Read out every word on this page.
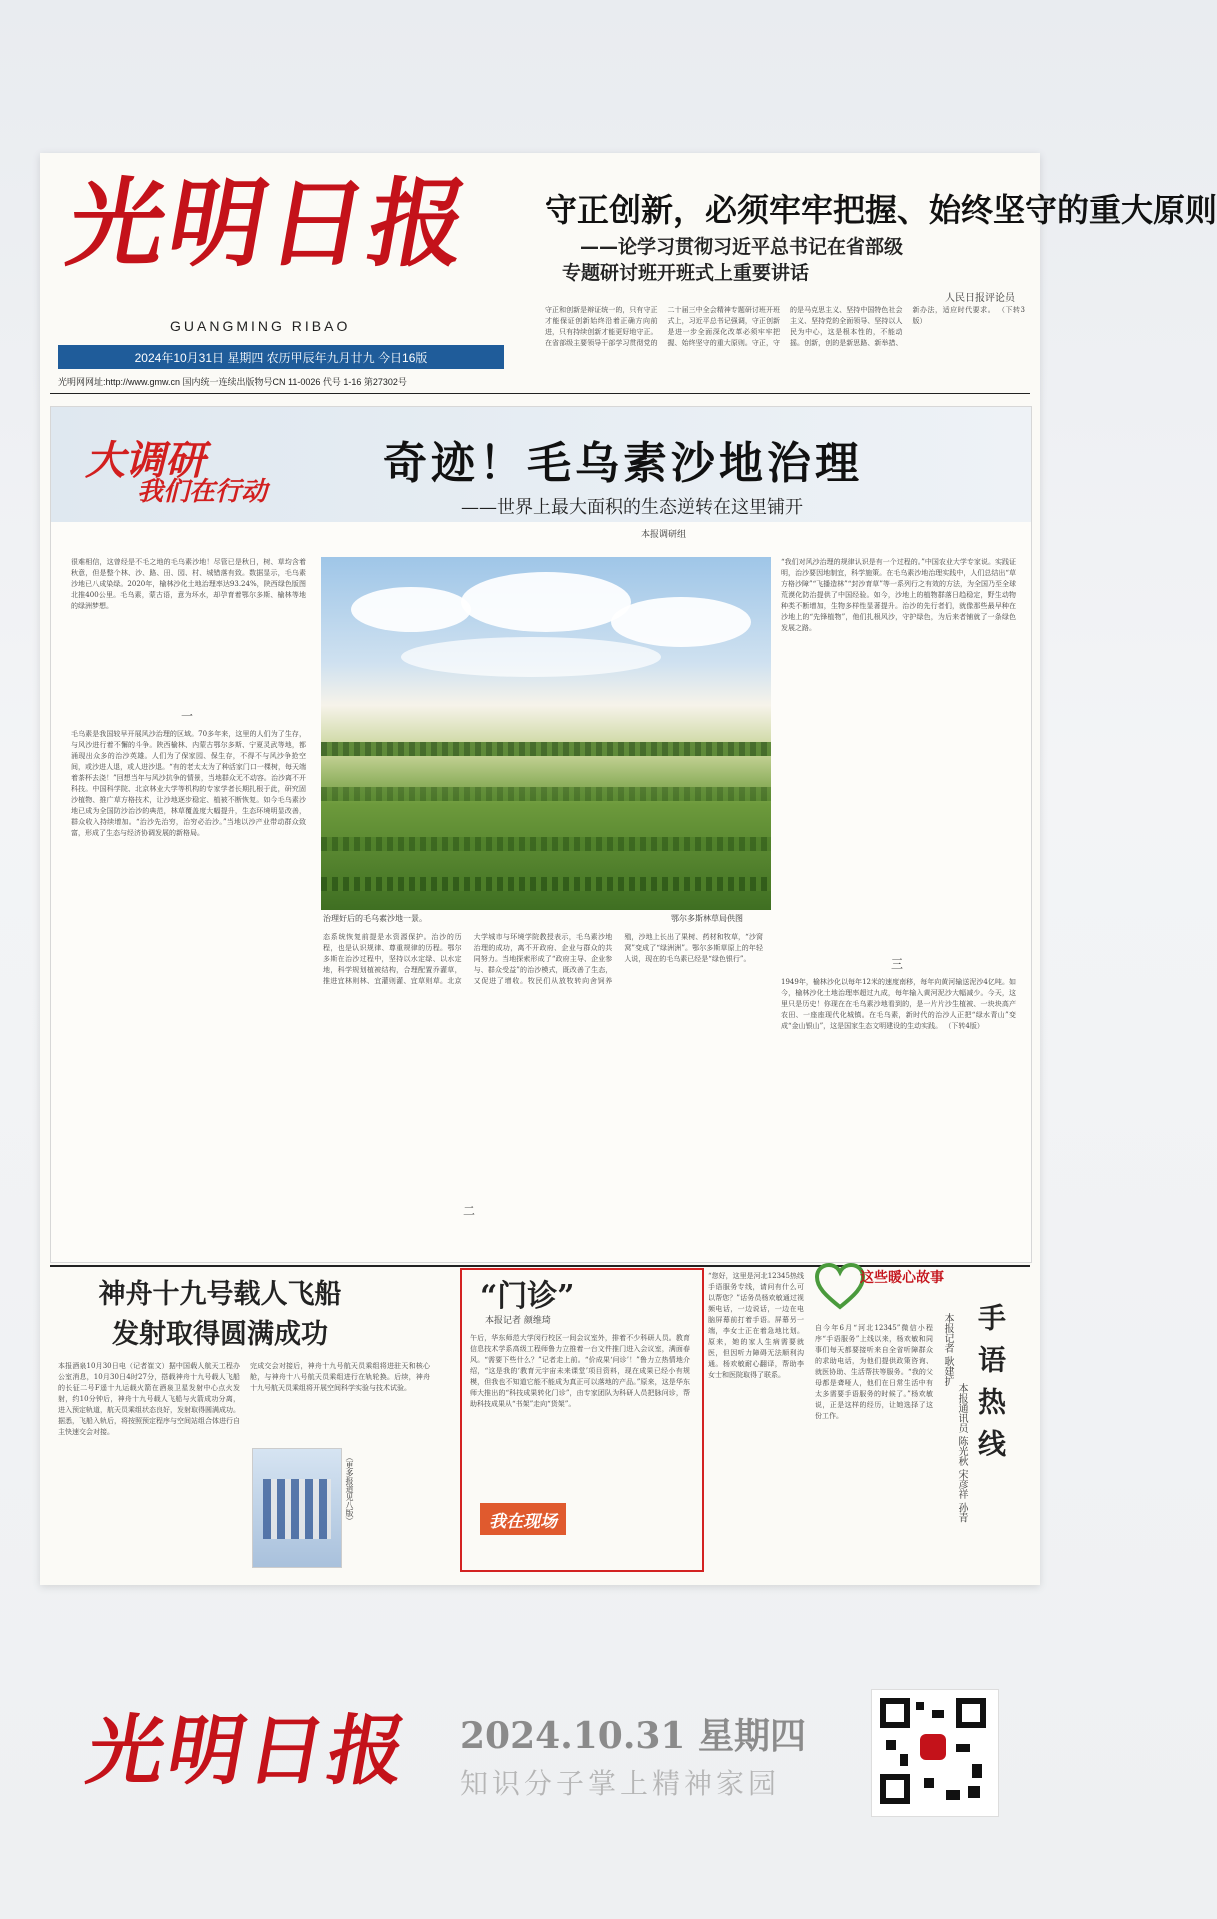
光明日报
GUANGMING RIBAO
2024年10月31日 星期四 农历甲辰年九月廿九 今日16版
光明网网址:http://www.gmw.cn 国内统一连续出版物号CN 11-0026 代号 1-16 第27302号
守正创新，必须牢牢把握、始终坚守的重大原则
——论学习贯彻习近平总书记在省部级
专题研讨班开班式上重要讲话
人民日报评论员
守正和创新是辩证统一的，只有守正才能保证创新始终沿着正确方向前进，只有持续创新才能更好地守正。在省部级主要领导干部学习贯彻党的二十届三中全会精神专题研讨班开班式上，习近平总书记强调，守正创新是进一步全面深化改革必须牢牢把握、始终坚守的重大原则。守正，守的是马克思主义、坚持中国特色社会主义、坚持党的全面领导、坚持以人民为中心，这是根本性的，不能动摇。创新，创的是新思路、新举措、新办法，适应时代要求。 （下转3版）
大调研
我们在行动
奇迹！毛乌素沙地治理
——世界上最大面积的生态逆转在这里铺开
本报调研组
很难相信，这曾经是不毛之地的毛乌素沙地！尽管已是秋日，树、草均含着秋意，但是整个林、沙、路、田、园、村、城错落有致。数据显示，毛乌素沙地已八成染绿。2020年，榆林沙化土地治理率达93.24%，陕西绿色版图北推400公里。毛乌素，蒙古语，意为坏水，却孕育着鄂尔多斯、榆林等地的绿洲梦想。
一
毛乌素是我国较早开展风沙治理的区域。70多年来，这里的人们为了生存，与风沙进行着不懈的斗争。陕西榆林、内蒙古鄂尔多斯、宁夏灵武等地，都涌现出众多的治沙英雄。人们为了保家园、保生存，不得不与风沙争抢空间，或沙进人退，或人进沙退。“有的老太太为了种活家门口一棵树，每天端着茶杯去浇！”回想当年与风沙抗争的情景，当地群众无不动容。治沙离不开科技。中国科学院、北京林业大学等机构的专家学者长期扎根于此，研究固沙植物、推广草方格技术，让沙地逐步稳定、植被不断恢复。如今毛乌素沙地已成为全国防沙治沙的典范，林草覆盖度大幅提升，生态环境明显改善，群众收入持续增加。“治沙先治穷，治穷必治沙。”当地以沙产业带动群众致富，形成了生态与经济协调发展的新格局。
治理好后的毛乌素沙地一景。	鄂尔多斯林草局供图
态系统恢复前提是水资源保护。治沙的历程，也是认识规律、尊重规律的历程。鄂尔多斯在治沙过程中，坚持以水定绿、以水定地，科学规划植被结构，合理配置乔灌草，推进宜林则林、宜灌则灌、宜草则草。北京大学城市与环境学院教授表示，毛乌素沙地治理的成功，离不开政府、企业与群众的共同努力。当地探索形成了“政府主导、企业参与、群众受益”的治沙模式，既改善了生态，又促进了增收。牧民们从放牧转向舍饲养殖，沙地上长出了果树、药材和牧草，“沙窝窝”变成了“绿洲洲”。鄂尔多斯草原上的年轻人说，现在的毛乌素已经是“绿色银行”。
二
“我们对风沙治理的规律认识是有一个过程的。”中国农业大学专家说。实践证明，治沙要因地制宜，科学施策。在毛乌素沙地治理实践中，人们总结出“草方格沙障”“飞播造林”“封沙育草”等一系列行之有效的方法，为全国乃至全球荒漠化防治提供了中国经验。如今，沙地上的植物群落日趋稳定，野生动物种类不断增加，生物多样性显著提升。治沙的先行者们，就像那些最早种在沙地上的“先锋植物”，他们扎根风沙，守护绿色，为后来者铺就了一条绿色发展之路。
三
1949年，榆林沙化以每年12米的速度南移，每年向黄河输送泥沙4亿吨。如今，榆林沙化土地治理率超过九成，每年输入黄河泥沙大幅减少。今天，这里只是历史！你现在在毛乌素沙地看到的，是一片片沙生植被、一块块高产农田、一座座现代化城镇。在毛乌素，新时代的治沙人正把“绿水青山”变成“金山银山”，这是国家生态文明建设的生动实践。 （下转4版）
神舟十九号载人飞船
发射取得圆满成功
本报酒泉10月30日电（记者崔文）据中国载人航天工程办公室消息，10月30日4时27分，搭载神舟十九号载人飞船的长征二号F遥十九运载火箭在酒泉卫星发射中心点火发射，约10分钟后，神舟十九号载人飞船与火箭成功分离，进入预定轨道，航天员乘组状态良好，发射取得圆满成功。据悉，飞船入轨后，将按照预定程序与空间站组合体进行自主快速交会对接。
完成交会对接后，神舟十九号航天员乘组将进驻天和核心舱，与神舟十八号航天员乘组进行在轨轮换。后续，神舟十九号航天员乘组将开展空间科学实验与技术试验。
（更多报道见八版）
“门诊”
本报记者 颜维琦
午后，华东师范大学闵行校区一间会议室外，排着不少科研人员。教育信息技术学系高级工程师鲁力立推着一台文件推门进入会议室，满面春风。“需要下些什么？”记者走上前。“价成果‘问诊’！”鲁力立热情地介绍，“这是我的‘教育元宇宙未来课堂’项目资料，现在成果已经小有规模，但我也不知道它能不能成为真正可以落地的产品。”原来，这是华东师大推出的“科技成果转化门诊”，由专家团队为科研人员把脉问诊，帮助科技成果从“书架”走向“货架”。
我在现场
“您好，这里是河北12345热线手语服务专线，请问有什么可以帮您？”话务员杨欢敏通过视频电话，一边说话，一边在电脑屏幕前打着手语。屏幕另一端，李女士正在着急地比划。原来，她的家人生病需要就医，但因听力障碍无法顺利沟通。杨欢敏耐心翻译，帮助李女士和医院取得了联系。
这些暖心故事
自今年6月“河北12345”微信小程序“手语服务”上线以来，杨欢敏和同事们每天都要接听来自全省听障群众的求助电话，为他们提供政策咨询、就医协助、生活帮扶等服务。“我的父母都是聋哑人，他们在日常生活中有太多需要手语服务的时候了。”杨欢敏说，正是这样的经历，让她选择了这份工作。
本报记者 耿建扩
本报通讯员 陈光秋 宋彦祥 孙青 手语热线
光明日报 2024.10.31 星期四
知识分子掌上精神家园
